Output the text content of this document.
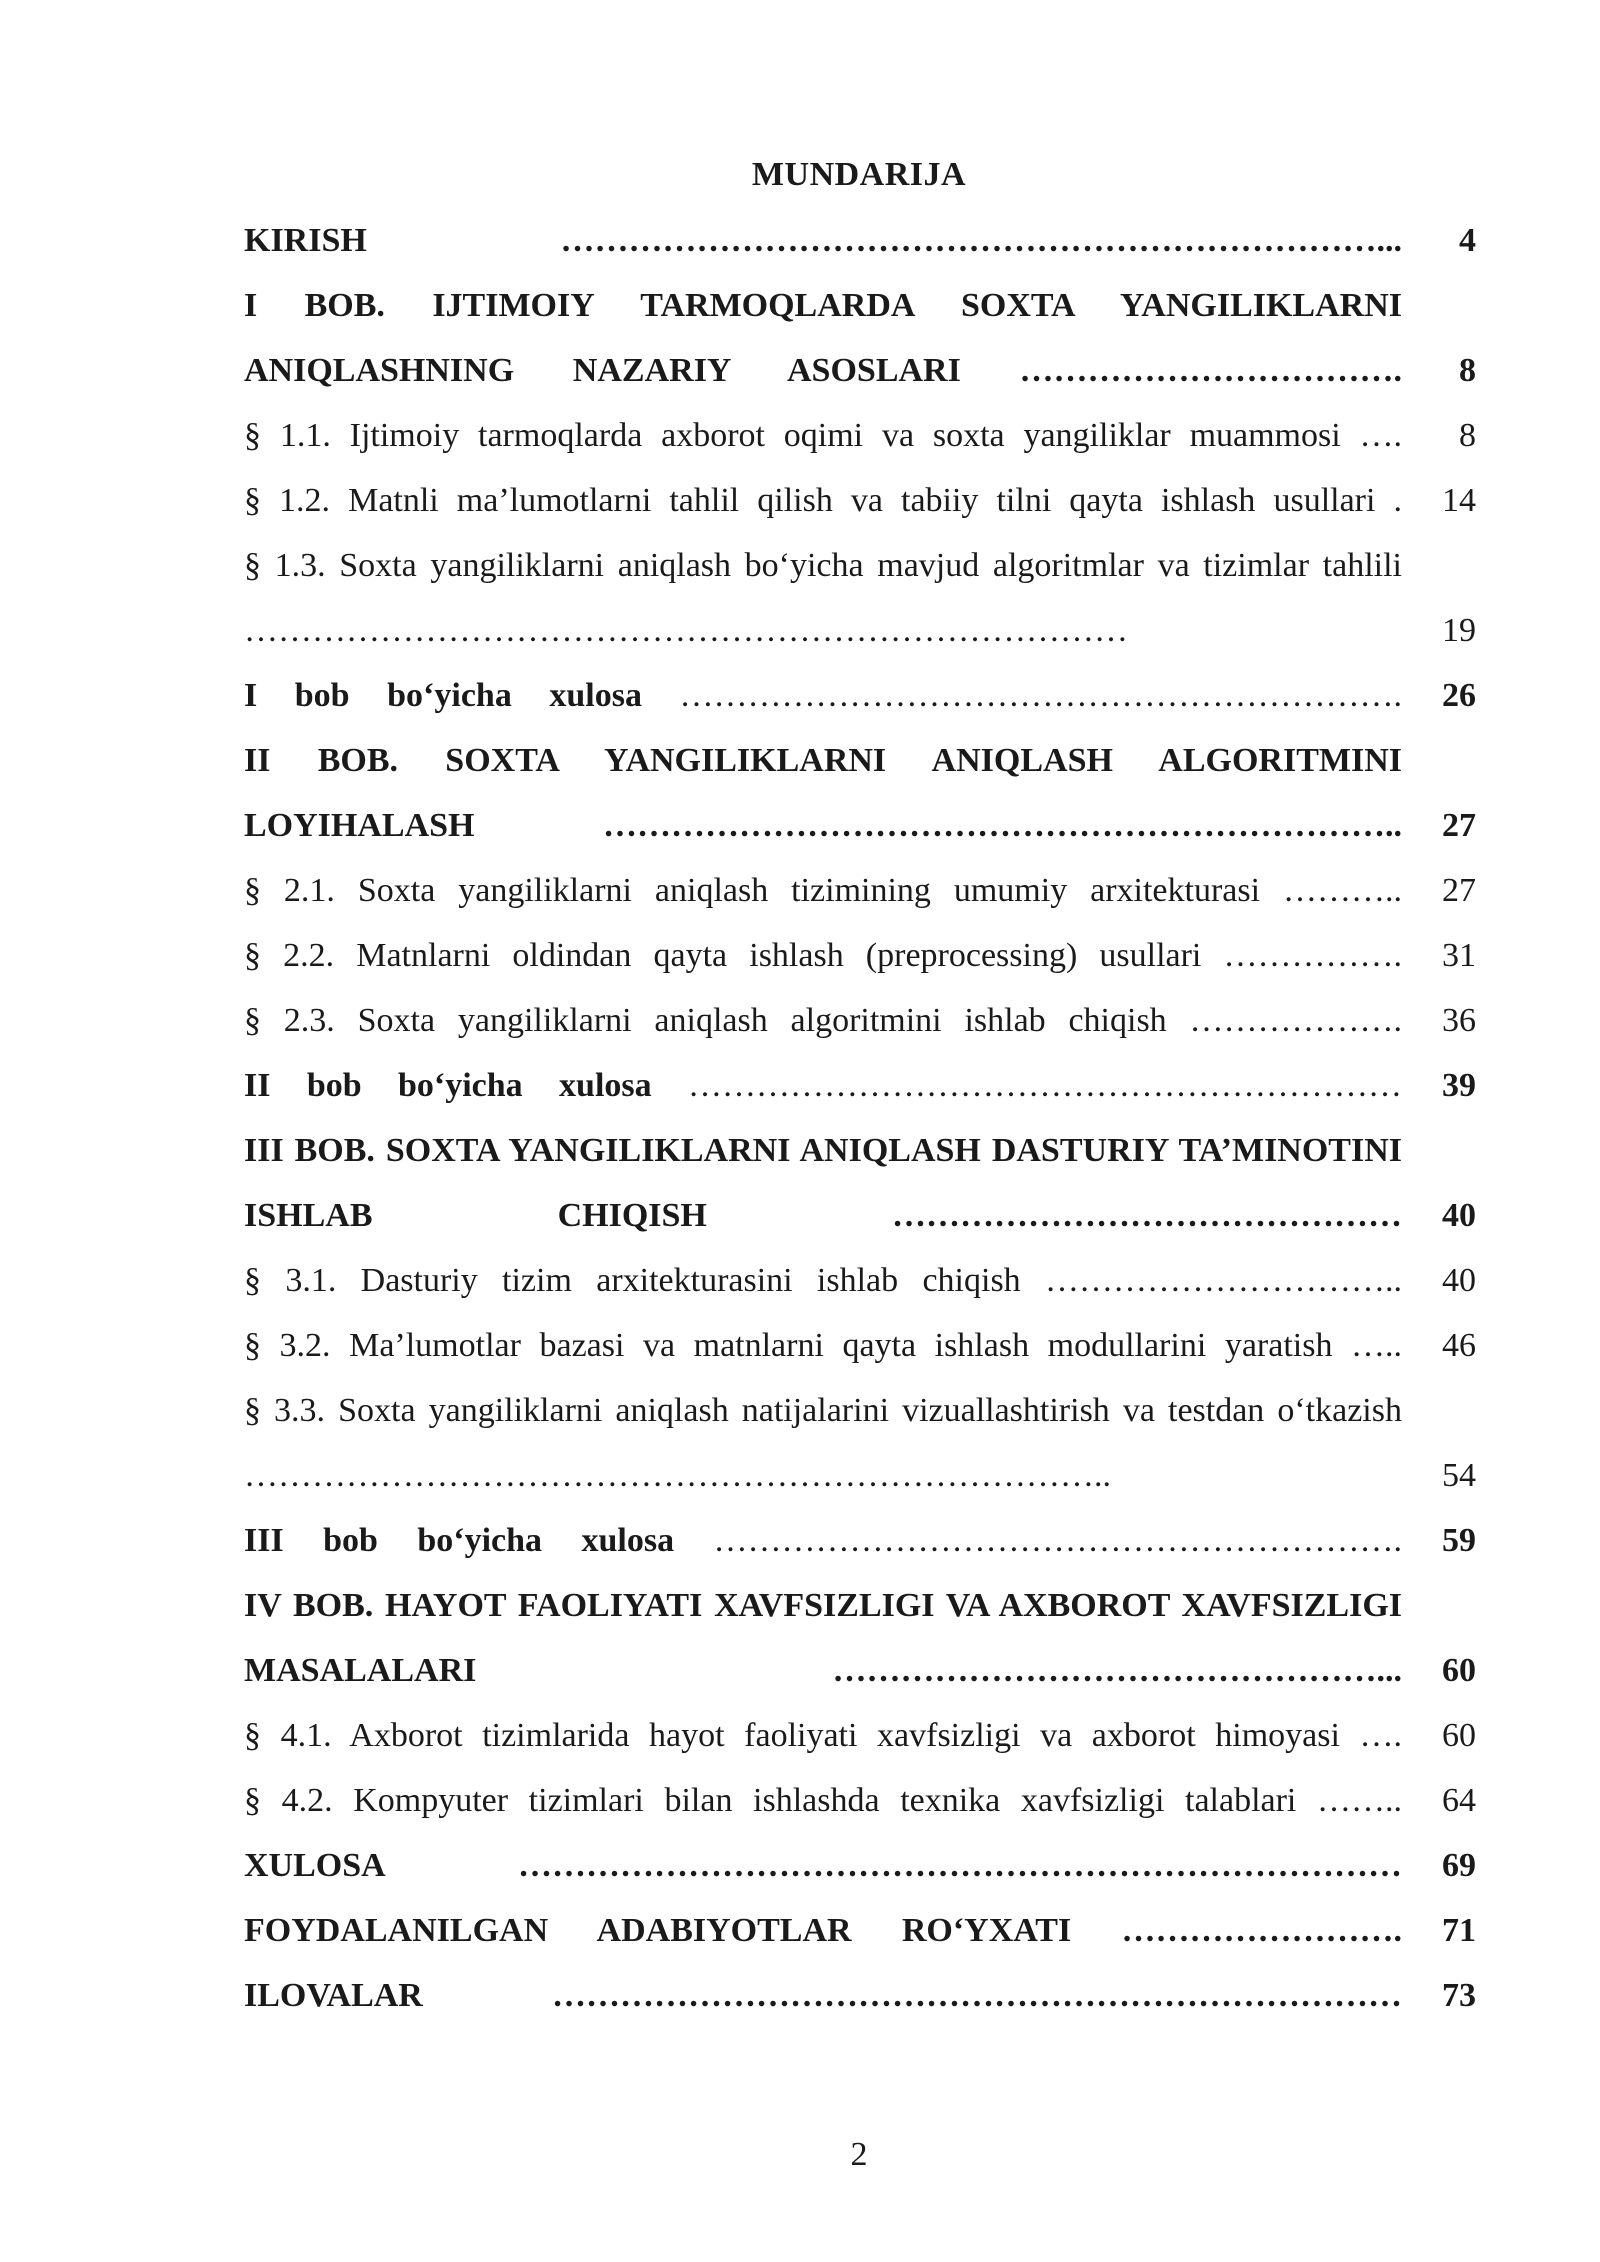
MUNDARIJA
KIRISH ………………………………………………………………...	4
I BOB. IJTIMOIY TARMOQLARDA SOXTA YANGILIKLARNI ANIQLASHNING NAZARIY ASOSLARI …………………………….	8
§ 1.1. Ijtimoiy tarmoqlarda axborot oqimi va soxta yangiliklar muammosi ….	8
§ 1.2. Matnli ma’lumotlarni tahlil qilish va tabiiy tilni qayta ishlash usullari .	14
§ 1.3. Soxta yangiliklarni aniqlash bo‘yicha mavjud algoritmlar va tizimlar tahlili ……………………………………………………………………	19
I bob bo‘yicha xulosa ……………………………………………………….	26
II BOB. SOXTA YANGILIKLARNI ANIQLASH ALGORITMINI LOYIHALASH ……………………………………………………………..	27
§ 2.1. Soxta yangiliklarni aniqlash tizimining umumiy arxitekturasi ………..	27
§ 2.2. Matnlarni oldindan qayta ishlash (preprocessing) usullari …………….	31
§ 2.3. Soxta yangiliklarni aniqlash algoritmini ishlab chiqish ……………….	36
II bob bo‘yicha xulosa ………………………………………………………	39
III BOB. SOXTA YANGILIKLARNI ANIQLASH DASTURIY TA’MINOTINI ISHLAB CHIQISH ………………………………………	40
§ 3.1. Dasturiy tizim arxitekturasini ishlab chiqish …………………………..	40
§ 3.2. Ma’lumotlar bazasi va matnlarni qayta ishlash modullarini yaratish …..	46
§ 3.3. Soxta yangiliklarni aniqlash natijalarini vizuallashtirish va testdan o‘tkazish …………………………………………………………………..	54
III bob bo‘yicha xulosa …………………………………………………….	59
IV BOB. HAYOT FAOLIYATI XAVFSIZLIGI VA AXBOROT XAVFSIZLIGI MASALALARI …………………………………………...	60
§ 4.1. Axborot tizimlarida hayot faoliyati xavfsizligi va axborot himoyasi ….	60
§ 4.2. Kompyuter tizimlari bilan ishlashda texnika xavfsizligi talablari ……..	64
XULOSA ……………………………………………………………………	69
FOYDALANILGAN ADABIYOTLAR RO‘YXATI …………………….	71
ILOVALAR …………………………………………………………………	73
2
